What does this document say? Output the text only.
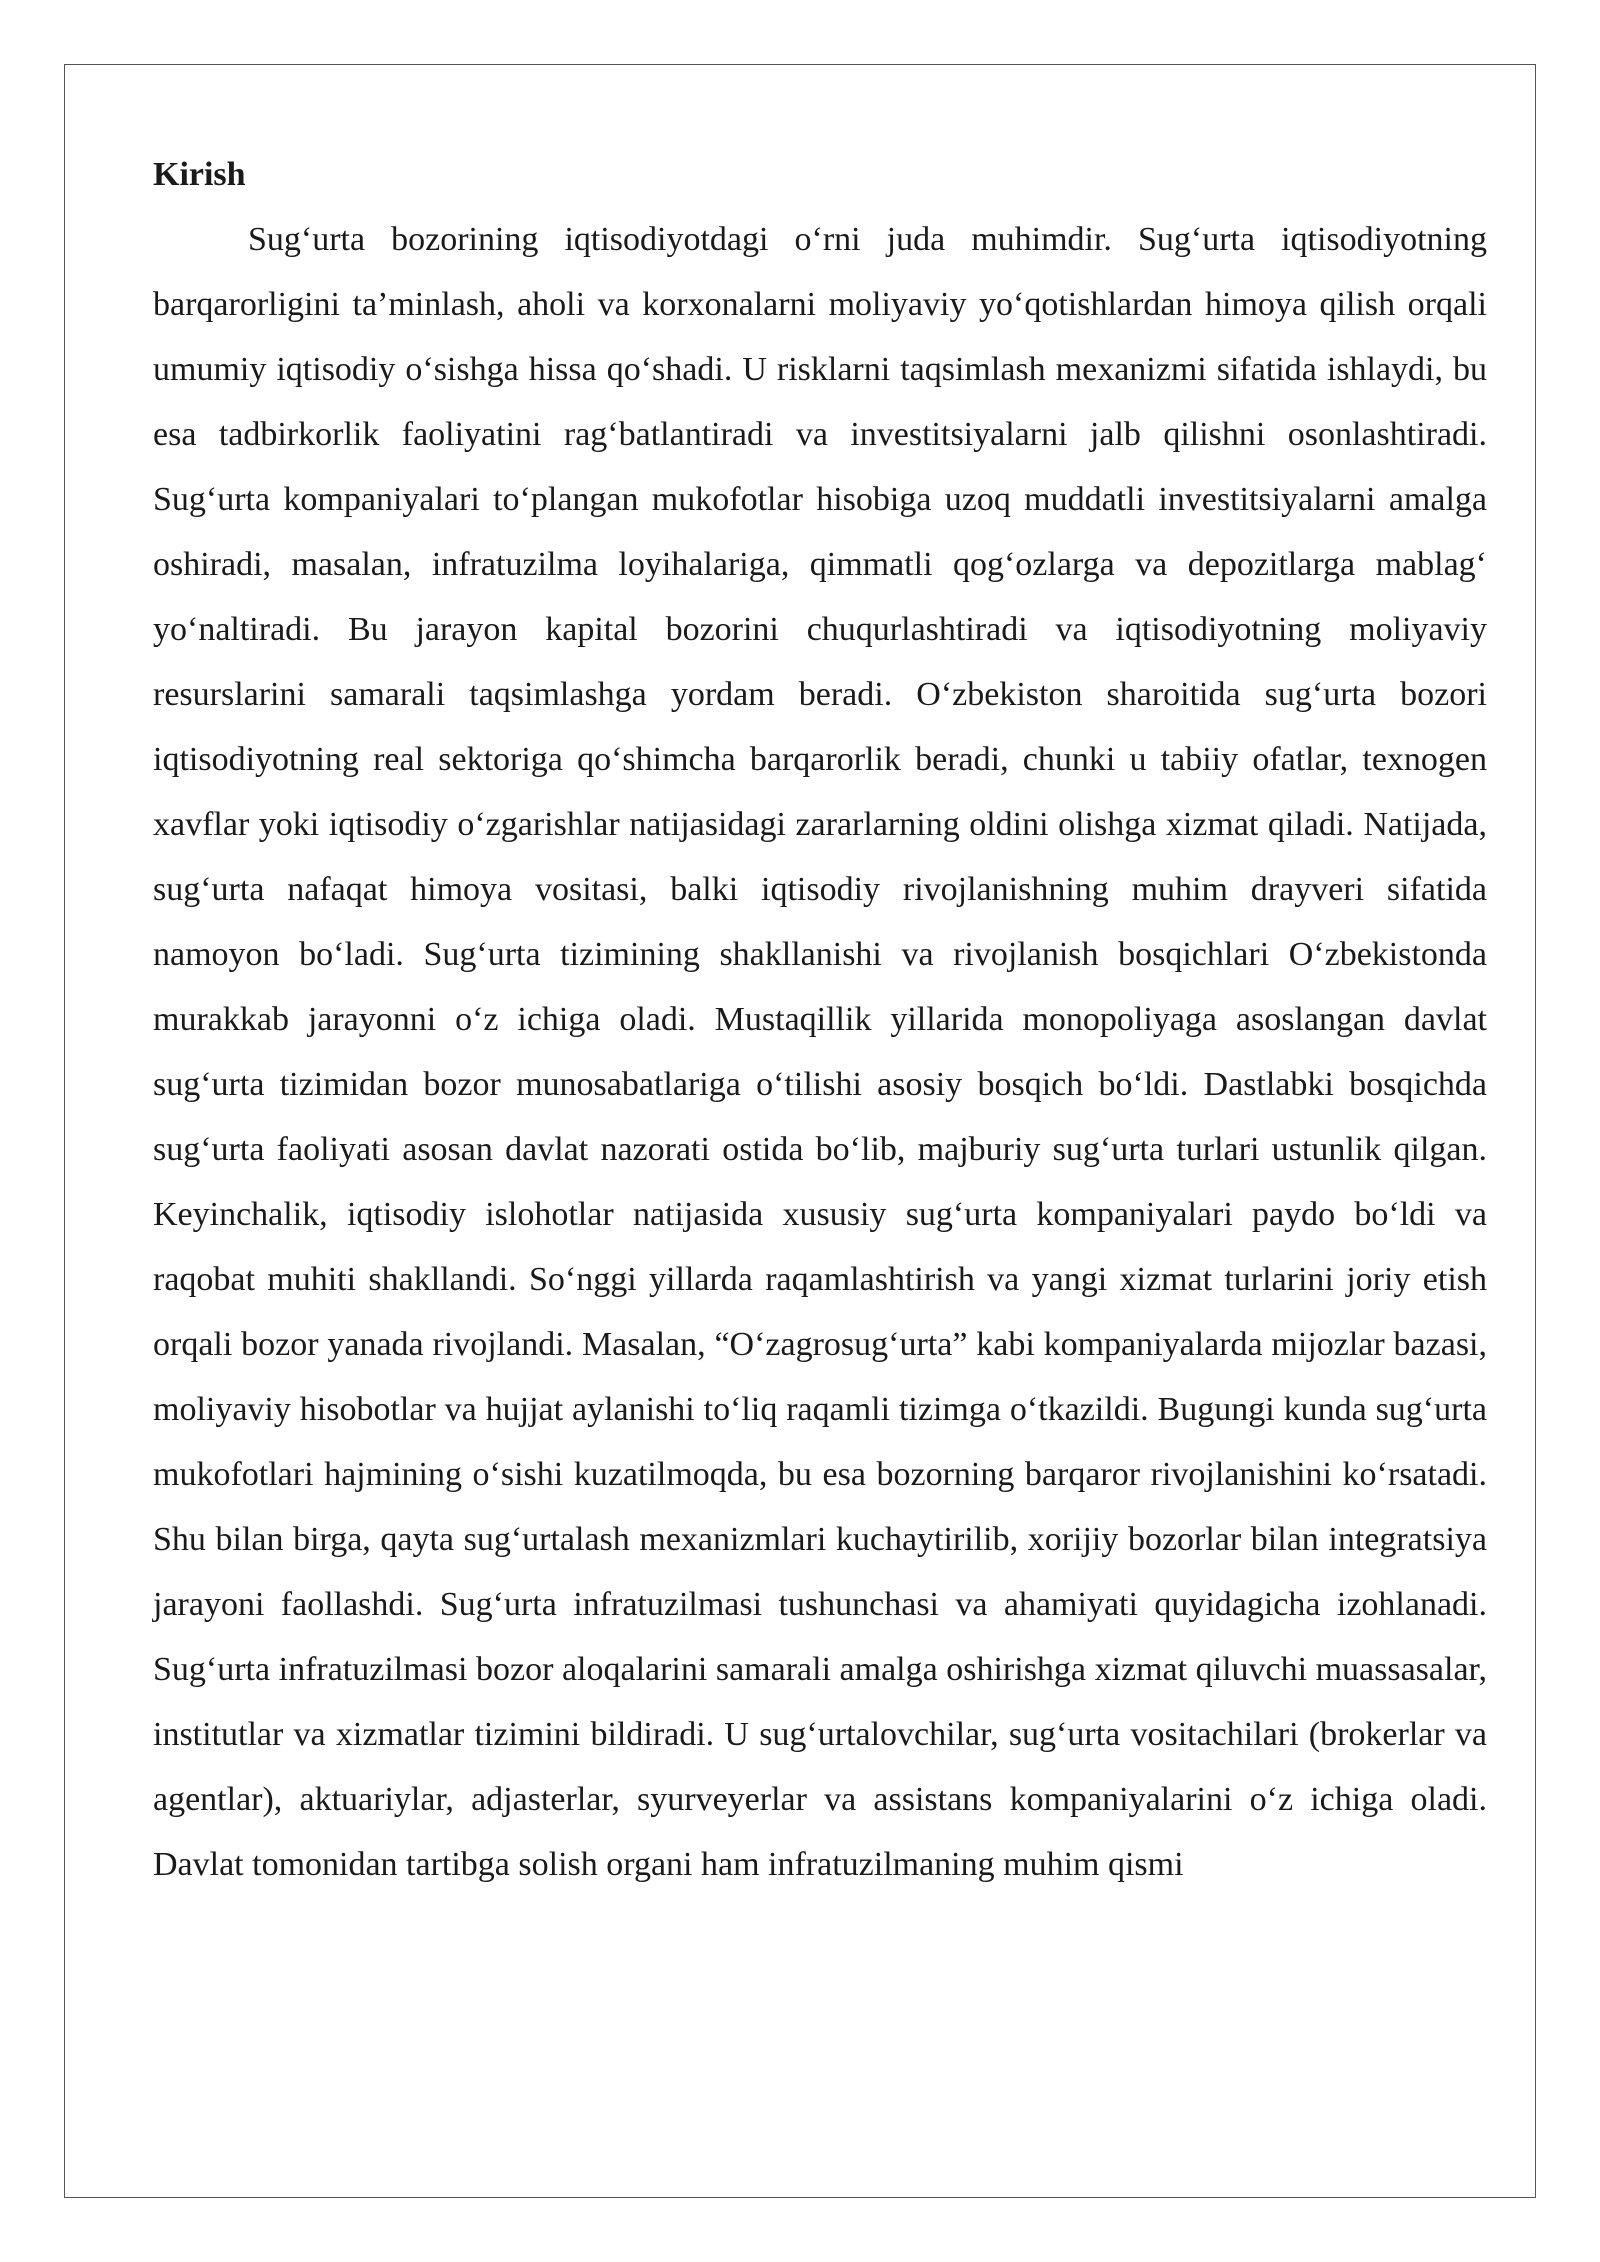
Kirish

Sug‘urta bozorining iqtisodiyotdagi o‘rni juda muhimdir. Sug‘urta iqtisodiyotning barqarorligini ta’minlash, aholi va korxonalarni moliyaviy yo‘qotishlardan himoya qilish orqali umumiy iqtisodiy o‘sishga hissa qo‘shadi. U risklarni taqsimlash mexanizmi sifatida ishlaydi, bu esa tadbirkorlik faoliyatini rag‘batlantiradi va investitsiyalarni jalb qilishni osonlashtiradi. Sug‘urta kompaniyalari to‘plangan mukofotlar hisobiga uzoq muddatli investitsiyalarni amalga oshiradi, masalan, infratuzilma loyihalariga, qimmatli qog‘ozlarga va depozitlarga mablag‘ yo‘naltiradi. Bu jarayon kapital bozorini chuqurlashtiradi va iqtisodiyotning moliyaviy resurslarini samarali taqsimlashga yordam beradi. O‘zbekiston sharoitida sug‘urta bozori iqtisodiyotning real sektoriga qo‘shimcha barqarorlik beradi, chunki u tabiiy ofatlar, texnogen xavflar yoki iqtisodiy o‘zgarishlar natijasidagi zararlarning oldini olishga xizmat qiladi. Natijada, sug‘urta nafaqat himoya vositasi, balki iqtisodiy rivojlanishning muhim drayveri sifatida namoyon bo‘ladi. Sug‘urta tizimining shakllanishi va rivojlanish bosqichlari O‘zbekistonda murakkab jarayonni o‘z ichiga oladi. Mustaqillik yillarida monopoliyaga asoslangan davlat sug‘urta tizimidan bozor munosabatlariga o‘tilishi asosiy bosqich bo‘ldi. Dastlabki bosqichda sug‘urta faoliyati asosan davlat nazorati ostida bo‘lib, majburiy sug‘urta turlari ustunlik qilgan. Keyinchalik, iqtisodiy islohotlar natijasida xususiy sug‘urta kompaniyalari paydo bo‘ldi va raqobat muhiti shakllandi. So‘nggi yillarda raqamlashtirish va yangi xizmat turlarini joriy etish orqali bozor yanada rivojlandi. Masalan, “O‘zagrosug‘urta” kabi kompaniyalarda mijozlar bazasi, moliyaviy hisobotlar va hujjat aylanishi to‘liq raqamli tizimga o‘tkazildi. Bugungi kunda sug‘urta mukofotlari hajmining o‘sishi kuzatilmoqda, bu esa bozorning barqaror rivojlanishini ko‘rsatadi. Shu bilan birga, qayta sug‘urtalash mexanizmlari kuchaytirilib, xorijiy bozorlar bilan integratsiya jarayoni faollashdi. Sug‘urta infratuzilmasi tushunchasi va ahamiyati quyidagicha izohlanadi. Sug‘urta infratuzilmasi bozor aloqalarini samarali amalga oshirishga xizmat qiluvchi muassasalar, institutlar va xizmatlar tizimini bildiradi. U sug‘urtalovchilar, sug‘urta vositachilari (brokerlar va agentlar), aktuariylar, adjasterlar, syurveyerlar va assistans kompaniyalarini o‘z ichiga oladi. Davlat tomonidan tartibga solish organi ham infratuzilmaning muhim qismi
